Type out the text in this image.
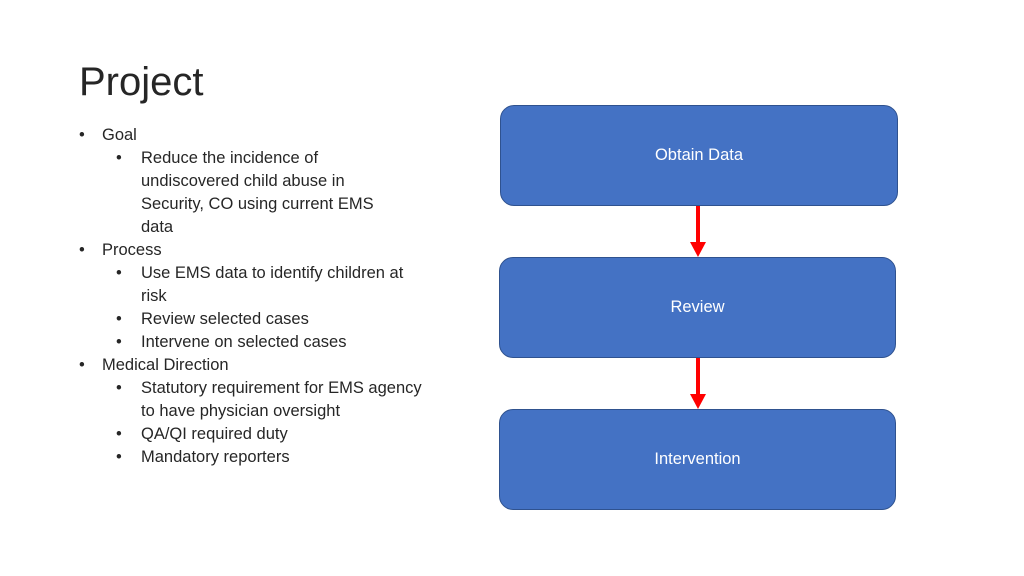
Project
• Goal
• Reduce the incidence of undiscovered child abuse in Security, CO using current EMS data
• Process
• Use EMS data to identify children at risk
• Review selected cases
• Intervene on selected cases
• Medical Direction
• Statutory requirement for EMS agency to have physician oversight
• QA/QI required duty
• Mandatory reporters
Obtain Data
Review
Intervention
